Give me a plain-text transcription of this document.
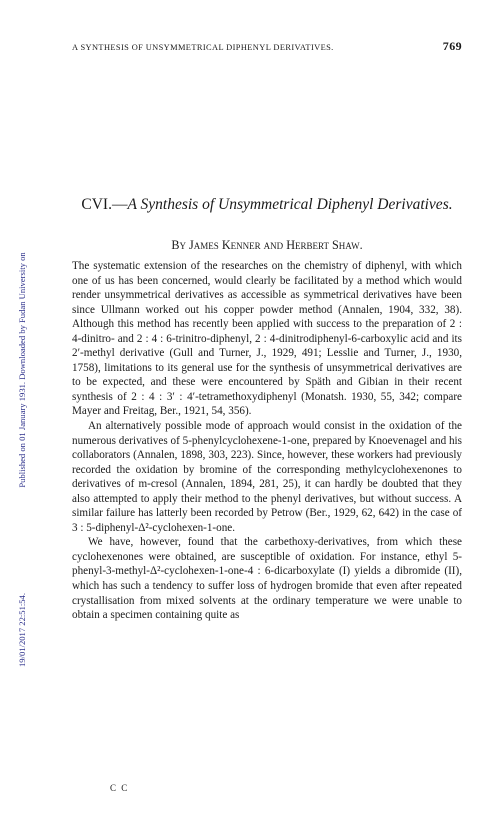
Published on 01 January 1931. Downloaded by Fudan University on
19/01/2017 22:51:54.
A SYNTHESIS OF UNSYMMETRICAL DIPHENYL DERIVATIVES.	769
CVI.—A Synthesis of Unsymmetrical Diphenyl Derivatives.
By James Kenner and Herbert Shaw.

The systematic extension of the researches on the chemistry of diphenyl, with which one of us has been concerned, would clearly be facilitated by a method which would render unsymmetrical derivatives as accessible as symmetrical derivatives have been since Ullmann worked out his copper powder method (Annalen, 1904, 332, 38). Although this method has recently been applied with success to the preparation of 2 : 4-dinitro- and 2 : 4 : 6-trinitro-diphenyl, 2 : 4-dinitrodiphenyl-6-carboxylic acid and its 2′-methyl derivative (Gull and Turner, J., 1929, 491; Lesslie and Turner, J., 1930, 1758), limitations to its general use for the synthesis of unsymmetrical derivatives are to be expected, and these were encountered by Späth and Gibian in their recent synthesis of 2 : 4 : 3′ : 4′-tetramethoxydiphenyl (Monatsh. 1930, 55, 342; compare Mayer and Freitag, Ber., 1921, 54, 356).

An alternatively possible mode of approach would consist in the oxidation of the numerous derivatives of 5-phenylcyclohexene-1-one, prepared by Knoevenagel and his collaborators (Annalen, 1898, 303, 223). Since, however, these workers had previously recorded the oxidation by bromine of the corresponding methylcyclohexenones to derivatives of m-cresol (Annalen, 1894, 281, 25), it can hardly be doubted that they also attempted to apply their method to the phenyl derivatives, but without success. A similar failure has latterly been recorded by Petrow (Ber., 1929, 62, 642) in the case of 3 : 5-diphenyl-Δ²-cyclohexen-1-one.

We have, however, found that the carbethoxy-derivatives, from which these cyclohexenones were obtained, are susceptible of oxidation. For instance, ethyl 5-phenyl-3-methyl-Δ²-cyclohexen-1-one-4 : 6-dicarboxylate (I) yields a dibromide (II), which has such a tendency to suffer loss of hydrogen bromide that even after repeated crystallisation from mixed solvents at the ordinary temperature we were unable to obtain a specimen containing quite as

C C
